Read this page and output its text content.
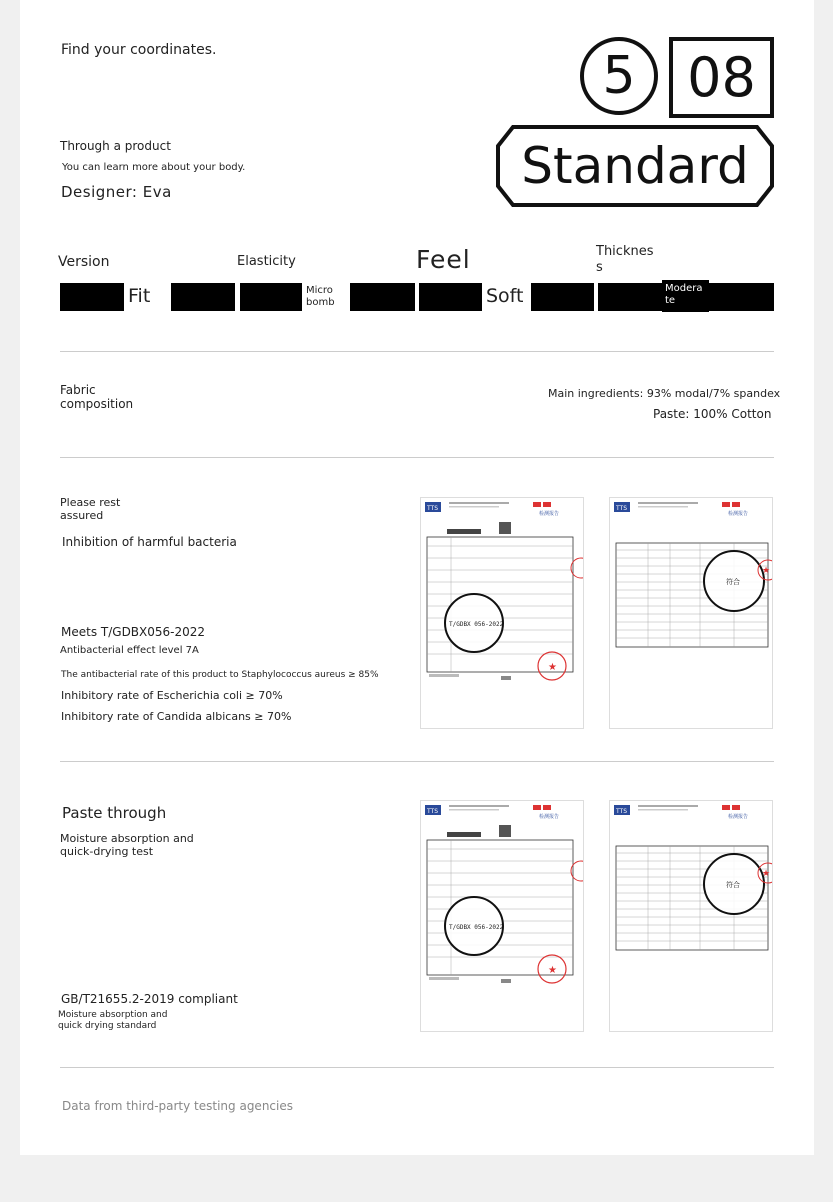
Find your coordinates.
Through a product
You can learn more about your body.
Designer: Eva
5 08
Standard
Version	Elasticity	Feel	Thicknes s
Fit	Micro bomb	Soft	Modera te
Fabric composition
Main ingredients: 93% modal/7% spandex
Paste: 100% Cotton
Please rest assured
Inhibition of harmful bacteria
Meets T/GDBX056-2022
Antibacterial effect level 7A
The antibacterial rate of this product to Staphylococcus aureus ≥ 85%
Inhibitory rate of Escherichia coli ≥ 70%
Inhibitory rate of Candida albicans ≥ 70%
TTS
检测报告
T/GDBX 056-2022
★
TTS
检测报告
符合
★
Paste through
Moisture absorption and quick-drying test
GB/T21655.2-2019 compliant
Moisture absorption and quick drying standard
TTS
检测报告
T/GDBX 056-2022
★
TTS
检测报告
符合
★
Data from third-party testing agencies
